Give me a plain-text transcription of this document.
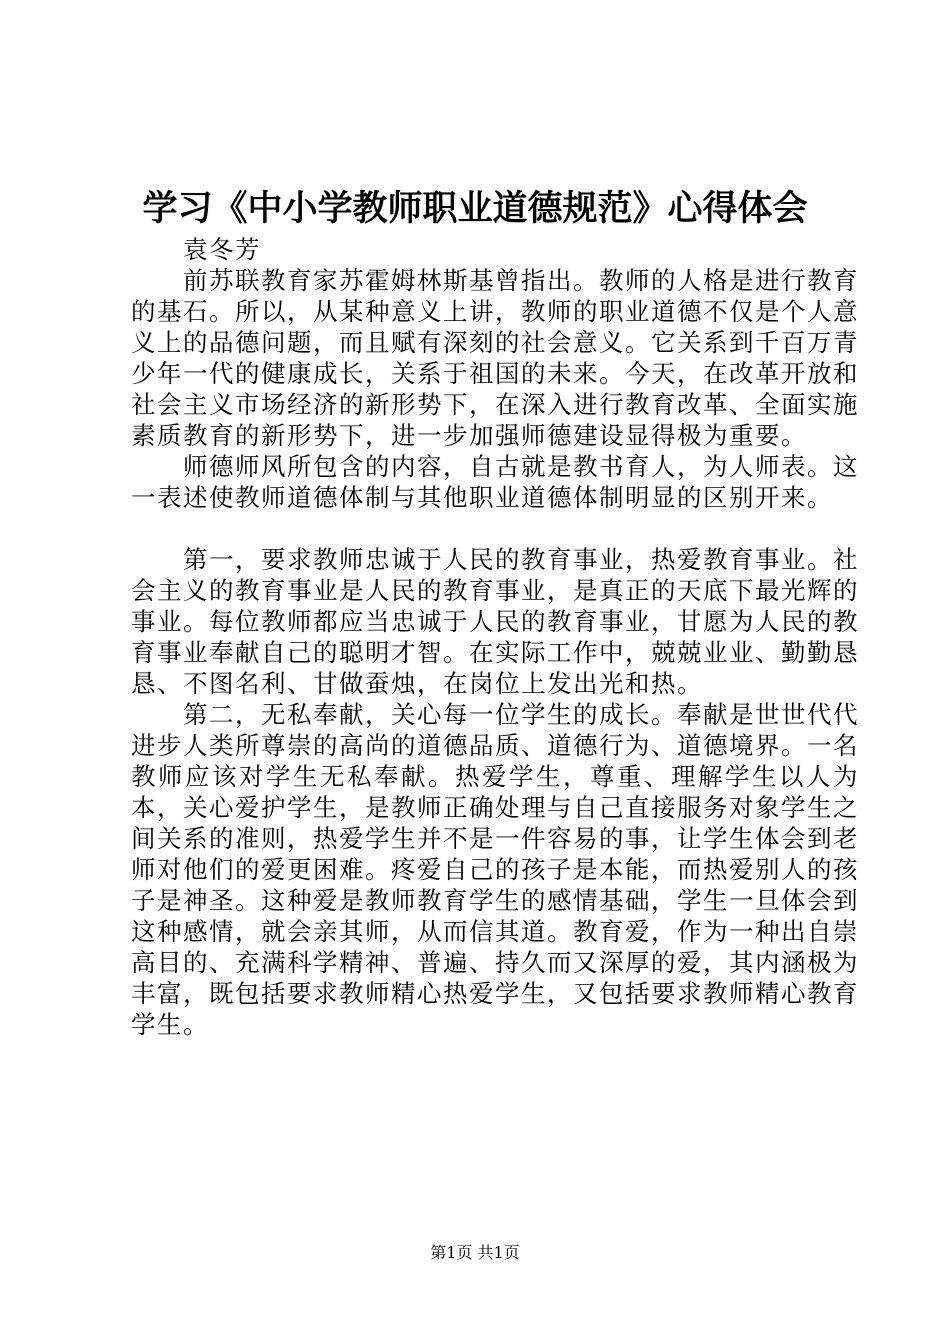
学习《中小学教师职业道德规范》心得体会

袁冬芳

前苏联教育家苏霍姆林斯基曾指出。教师的人格是进行教育的基石。所以，从某种意义上讲，教师的职业道德不仅是个人意义上的品德问题，而且赋有深刻的社会意义。它关系到千百万青少年一代的健康成长，关系于祖国的未来。今天，在改革开放和社会主义市场经济的新形势下，在深入进行教育改革、全面实施素质教育的新形势下，进一步加强师德建设显得极为重要。

师德师风所包含的内容，自古就是教书育人，为人师表。这一表述使教师道德体制与其他职业道德体制明显的区别开来。

第一，要求教师忠诚于人民的教育事业，热爱教育事业。社会主义的教育事业是人民的教育事业，是真正的天底下最光辉的事业。每位教师都应当忠诚于人民的教育事业，甘愿为人民的教育事业奉献自己的聪明才智。在实际工作中，兢兢业业、勤勤恳恳、不图名利、甘做蚕烛，在岗位上发出光和热。

第二，无私奉献，关心每一位学生的成长。奉献是世世代代进步人类所尊崇的高尚的道德品质、道德行为、道德境界。一名教师应该对学生无私奉献。热爱学生，尊重、理解学生以人为本，关心爱护学生，是教师正确处理与自己直接服务对象学生之间关系的准则，热爱学生并不是一件容易的事，让学生体会到老师对他们的爱更困难。疼爱自己的孩子是本能，而热爱别人的孩子是神圣。这种爱是教师教育学生的感情基础，学生一旦体会到这种感情，就会亲其师，从而信其道。教育爱，作为一种出自崇高目的、充满科学精神、普遍、持久而又深厚的爱，其内涵极为丰富，既包括要求教师精心热爱学生，又包括要求教师精心教育学生。

第1页 共1页
